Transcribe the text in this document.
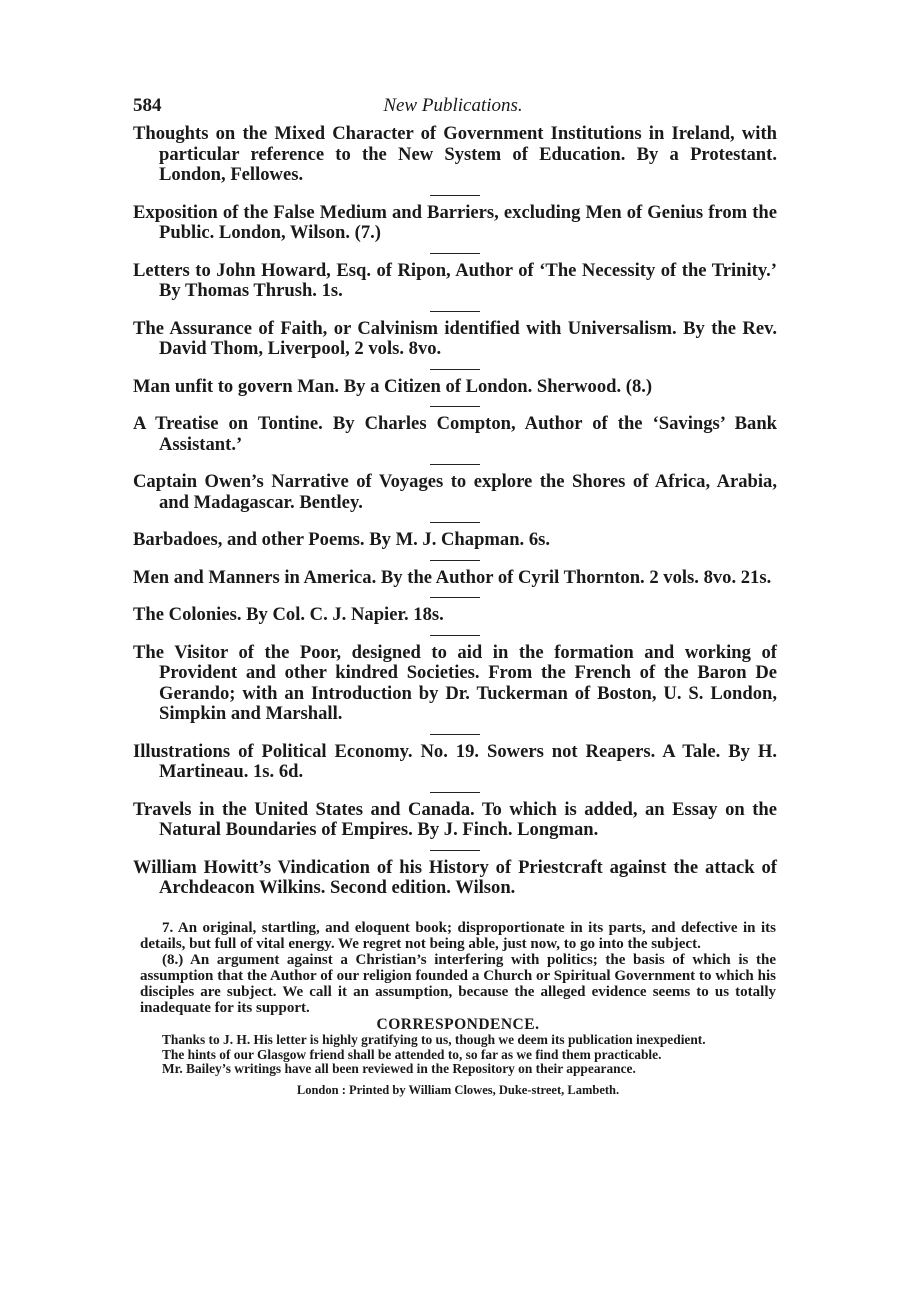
584	New Publications.

Thoughts on the Mixed Character of Government Institutions in Ireland, with particular reference to the New System of Education. By a Protestant. London, Fellowes.

Exposition of the False Medium and Barriers, excluding Men of Genius from the Public. London, Wilson. (7.)

Letters to John Howard, Esq. of Ripon, Author of ‘The Necessity of the Trinity.’ By Thomas Thrush. 1s.

The Assurance of Faith, or Calvinism identified with Universalism. By the Rev. David Thom, Liverpool, 2 vols. 8vo.

Man unfit to govern Man. By a Citizen of London. Sherwood. (8.)

A Treatise on Tontine. By Charles Compton, Author of the ‘Savings’ Bank Assistant.’

Captain Owen’s Narrative of Voyages to explore the Shores of Africa, Arabia, and Madagascar. Bentley.

Barbadoes, and other Poems. By M. J. Chapman. 6s.

Men and Manners in America. By the Author of Cyril Thornton. 2 vols. 8vo. 21s.

The Colonies. By Col. C. J. Napier. 18s.

The Visitor of the Poor, designed to aid in the formation and working of Provident and other kindred Societies. From the French of the Baron De Gerando; with an Introduction by Dr. Tuckerman of Boston, U. S. London, Simpkin and Marshall.

Illustrations of Political Economy. No. 19. Sowers not Reapers. A Tale. By H. Martineau. 1s. 6d.

Travels in the United States and Canada. To which is added, an Essay on the Natural Boundaries of Empires. By J. Finch. Longman.

William Howitt’s Vindication of his History of Priestcraft against the attack of Archdeacon Wilkins. Second edition. Wilson.

7. An original, startling, and eloquent book; disproportionate in its parts, and defective in its details, but full of vital energy. We regret not being able, just now, to go into the subject.

(8.) An argument against a Christian’s interfering with politics; the basis of which is the assumption that the Author of our religion founded a Church or Spiritual Government to which his disciples are subject. We call it an assumption, because the alleged evidence seems to us totally inadequate for its support.

CORRESPONDENCE.

Thanks to J. H. His letter is highly gratifying to us, though we deem its publication inexpedient.

The hints of our Glasgow friend shall be attended to, so far as we find them practicable.

Mr. Bailey’s writings have all been reviewed in the Repository on their appearance.

London : Printed by William Clowes, Duke-street, Lambeth.
